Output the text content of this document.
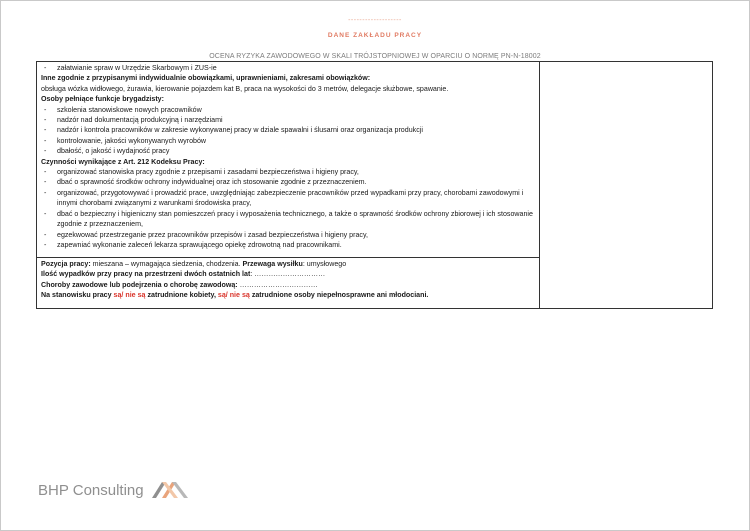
-------------------
DANE ZAKŁADU PRACY
OCENA RYZYKA ZAWODOWEGO W SKALI TRÓJSTOPNIOWEJ W OPARCIU O NORMĘ PN-N-18002
- załatwianie spraw w Urzędzie Skarbowym i ZUS-ie
Inne zgodnie z przypisanymi indywidualnie obowiązkami, uprawnieniami, zakresami obowiązków:
obsługa wózka widłowego, żurawia, kierowanie pojazdem kat B, praca na wysokości do 3 metrów, delegacje służbowe, spawanie.
Osoby pełniące funkcje brygadzisty:
- szkolenia stanowiskowe nowych pracowników
- nadzór nad dokumentacją produkcyjną i narzędziami
- nadzór i kontrola pracowników w zakresie wykonywanej pracy w dziale spawalni i ślusarni oraz organizacja produkcji
- kontrolowanie, jakości wykonywanych wyrobów
- dbałość, o jakość i wydajność pracy
Czynności wynikające z Art. 212 Kodeksu Pracy:
- organizować stanowiska pracy zgodnie z przepisami i zasadami bezpieczeństwa i higieny pracy,
- dbać o sprawność środków ochrony indywidualnej oraz ich stosowanie zgodnie z przeznaczeniem.
- organizować, przygotowywać i prowadzić prace, uwzględniając zabezpieczenie pracowników przed wypadkami przy pracy, chorobami zawodowymi i innymi chorobami związanymi z warunkami środowiska pracy,
- dbać o bezpieczny i higieniczny stan pomieszczeń pracy i wyposażenia technicznego, a także o sprawność środków ochrony zbiorowej i ich stosowanie zgodnie z przeznaczeniem,
- egzekwować przestrzeganie przez pracowników przepisów i zasad bezpieczeństwa i higieny pracy,
- zapewniać wykonanie zaleceń lekarza sprawującego opiekę zdrowotną nad pracownikami.

Pozycja pracy: mieszana – wymagająca siedzenia, chodzenia. Przewaga wysiłku: umysłowego
Ilość wypadków przy pracy na przestrzeni dwóch ostatnich lat: …………………………
Choroby zawodowe lub podejrzenia o chorobę zawodową: ……………………………
Na stanowisku pracy są/ nie są zatrudnione kobiety, są/ nie są zatrudnione osoby niepełnosprawne ani młodociani.
BHP Consulting
